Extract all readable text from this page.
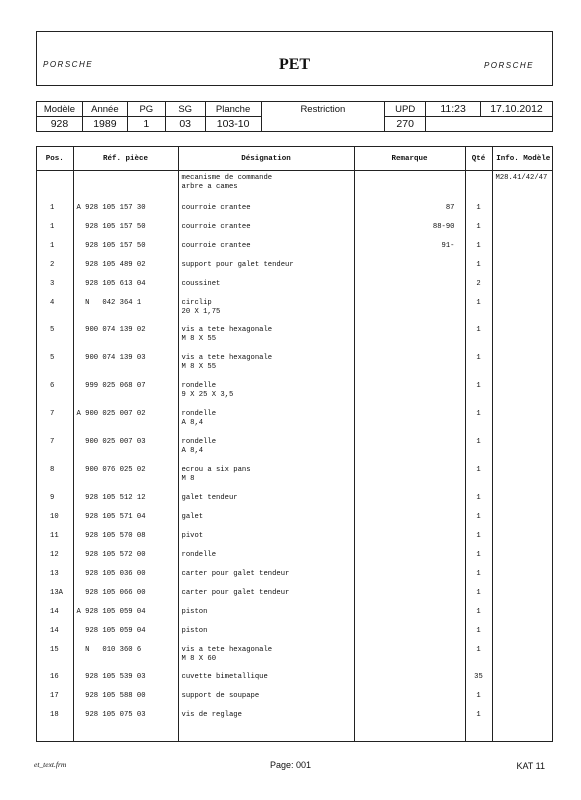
PORSCHE	PET	PORSCHE
Modèle	Année	PG	SG	Planche	Restriction	UPD	11:23	17.10.2012
928	1989	1	03	103-10		270		
Pos.	Réf. pièce	Désignation	Remarque	Qté	Info. Modèle
		mecanisme de commande
arbre a cames			M28.41/42/47
1	A 928 105 157 30	courroie crantee	87	1	
1	928 105 157 50	courroie crantee	88-90	1	
1	928 105 157 50	courroie crantee	91-	1	
2	928 105 489 02	support pour galet tendeur		1	
3	928 105 613 04	coussinet		2	
4	N   042 364 1	circlip
20 X 1,75		1	
5	900 074 139 02	vis a tete hexagonale
M 8 X 55		1	
5	900 074 139 03	vis a tete hexagonale
M 8 X 55		1	
6	999 025 068 07	rondelle
9 X 25 X 3,5		1	
7	A 900 025 007 02	rondelle
A 8,4		1	
7	900 025 007 03	rondelle
A 8,4		1	
8	900 076 025 02	ecrou a six pans
M 8		1	
9	928 105 512 12	galet tendeur		1	
10	928 105 571 04	galet		1	
11	928 105 570 08	pivot		1	
12	928 105 572 00	rondelle		1	
13	928 105 036 00	carter pour galet tendeur		1	
13A	928 105 066 00	carter pour galet tendeur		1	
14	A 928 105 059 04	piston		1	
14	928 105 059 04	piston		1	
15	N   010 360 6	vis a tete hexagonale
M 8 X 60		1	
16	928 105 539 03	cuvette bimetallique		35	
17	928 105 588 00	support de soupape		1	
18	928 105 075 03	vis de reglage		1	

et_text.frm	Page: 001	KAT 11
